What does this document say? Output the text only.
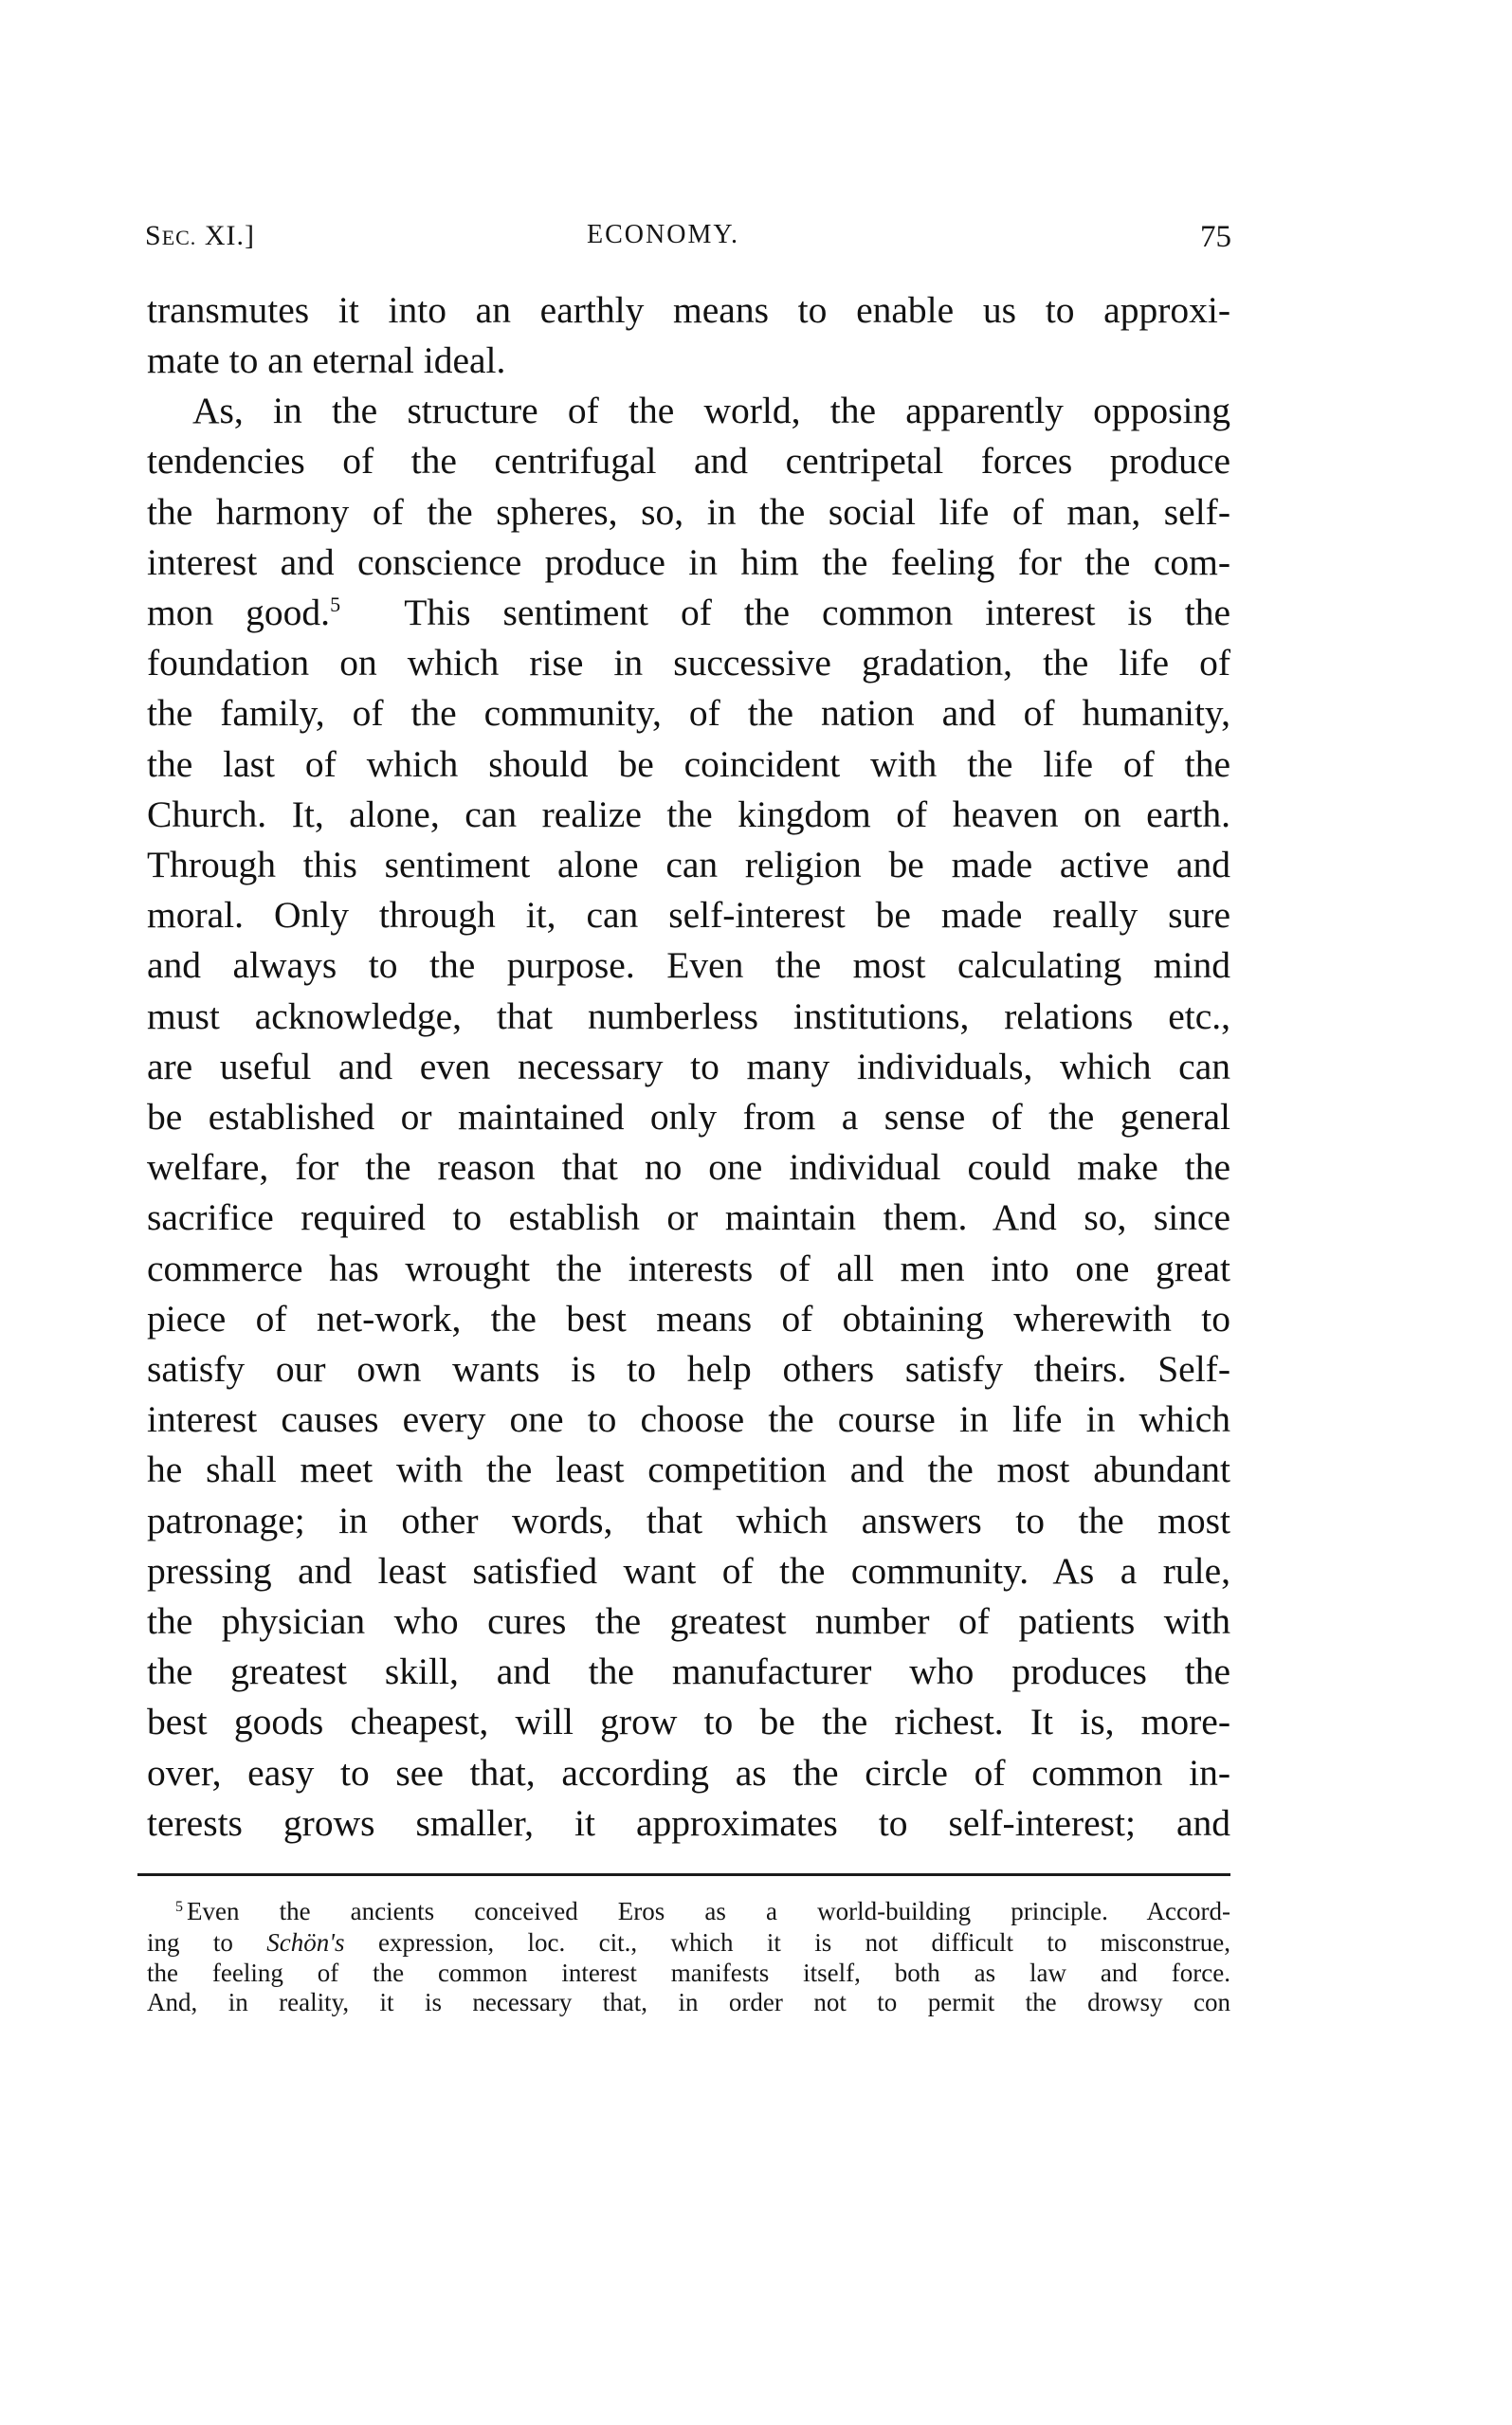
SEC. XI.]	ECONOMY.	75
transmutes it into an earthly means to enable us to approxi-
mate to an eternal ideal.
As, in the structure of the world, the apparently opposing
tendencies of the centrifugal and centripetal forces produce
the harmony of the spheres, so, in the social life of man, self-
interest and conscience produce in him the feeling for the com-
mon good.$^5$ This sentiment of the common interest is the
foundation on which rise in successive gradation, the life of
the family, of the community, of the nation and of humanity,
the last of which should be coincident with the life of the
Church. It, alone, can realize the kingdom of heaven on earth.
Through this sentiment alone can religion be made active and
moral. Only through it, can self-interest be made really sure
and always to the purpose. Even the most calculating mind
must acknowledge, that numberless institutions, relations etc.,
are useful and even necessary to many individuals, which can
be established or maintained only from a sense of the general
welfare, for the reason that no one individual could make the
sacrifice required to establish or maintain them. And so, since
commerce has wrought the interests of all men into one great
piece of net-work, the best means of obtaining wherewith to
satisfy our own wants is to help others satisfy theirs. Self-
interest causes every one to choose the course in life in which
he shall meet with the least competition and the most abundant
patronage; in other words, that which answers to the most
pressing and least satisfied want of the community. As a rule,
the physician who cures the greatest number of patients with
the greatest skill, and the manufacturer who produces the
best goods cheapest, will grow to be the richest. It is, more-
over, easy to see that, according as the circle of common in-
terests grows smaller, it approximates to self-interest; and
$^5$ Even the ancients conceived Eros as a world-building principle. Accord-
ing to Schön's expression, loc. cit., which it is not difficult to misconstrue,
the feeling of the common interest manifests itself, both as law and force.
And, in reality, it is necessary that, in order not to permit the drowsy con
